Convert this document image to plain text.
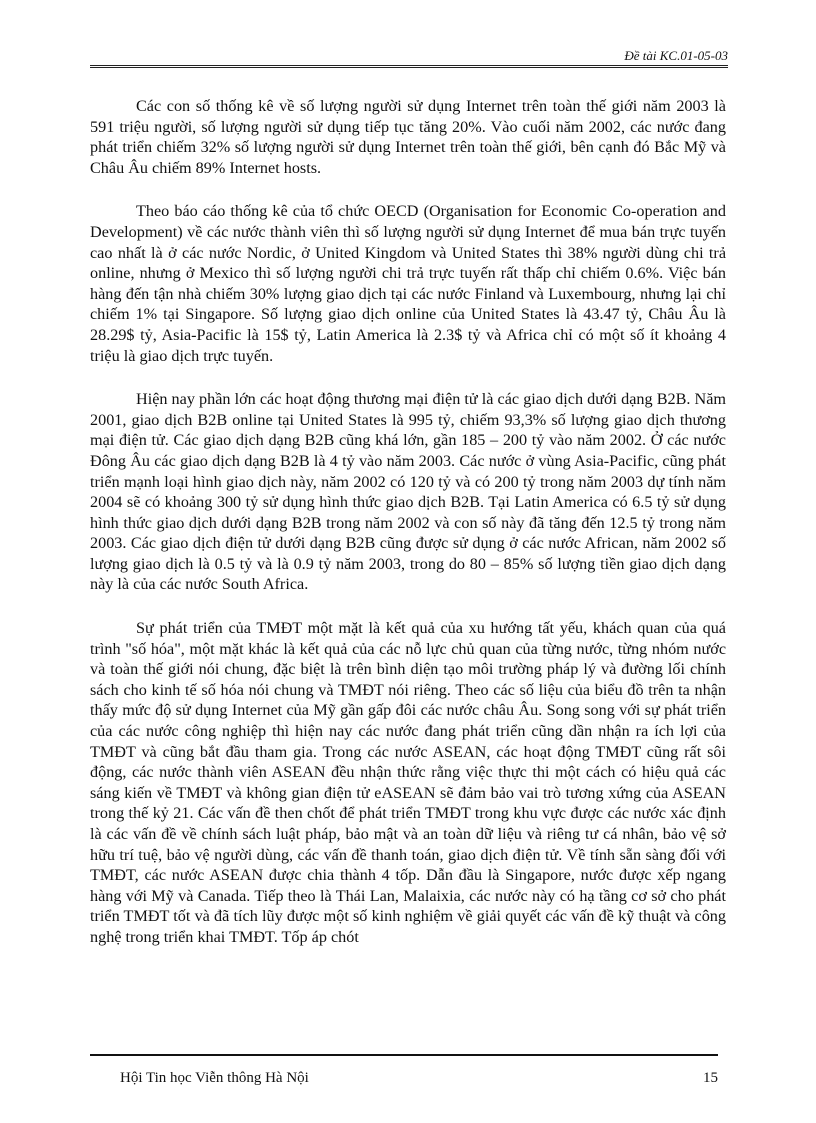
Đề tài KC.01-05-03

Các con số thống kê về số lượng người sử dụng Internet trên toàn thế giới năm 2003 là 591 triệu người, số lượng người sử dụng tiếp tục tăng 20%. Vào cuối năm 2002, các nước đang phát triển chiếm 32% số lượng người sử dụng Internet trên toàn thế giới, bên cạnh đó Bắc Mỹ và Châu Âu chiếm 89% Internet hosts.

Theo báo cáo thống kê của tổ chức OECD (Organisation for Economic Co-operation and Development) về các nước thành viên thì số lượng người sử dụng Internet để mua bán trực tuyến cao nhất là ở các nước Nordic, ở United Kingdom và United States thì 38% người dùng chi trả online, nhưng ở Mexico thì số lượng người chi trả trực tuyến rất thấp chỉ chiếm 0.6%. Việc bán hàng đến tận nhà chiếm 30% lượng giao dịch tại các nước Finland và Luxembourg, nhưng lại chỉ chiếm 1% tại Singapore. Số lượng giao dịch online của United States là 43.47 tỷ, Châu Âu là 28.29$ tỷ, Asia-Pacific là 15$ tỷ, Latin America là 2.3$ tỷ và Africa chỉ có một số ít khoảng 4 triệu là giao dịch trực tuyến.

Hiện nay phần lớn các hoạt động thương mại điện tử là các giao dịch dưới dạng B2B. Năm 2001, giao dịch B2B online tại United States là 995 tỷ, chiếm 93,3% số lượng giao dịch thương mại điện tử. Các giao dịch dạng B2B cũng khá lớn, gần 185 – 200 tỷ vào năm 2002. Ở các nước Đông Âu các giao dịch dạng B2B là 4 tỷ vào năm 2003. Các nước ở vùng Asia-Pacific, cũng phát triển mạnh loại hình giao dịch này, năm 2002 có 120 tỷ và có 200 tỷ trong năm 2003 dự tính năm 2004 sẽ có khoảng 300 tỷ sử dụng hình thức giao dịch B2B. Tại Latin America có 6.5 tỷ sử dụng hình thức giao dịch dưới dạng B2B trong năm 2002 và con số này đã tăng đến 12.5 tỷ trong năm 2003. Các giao dịch điện tử dưới dạng B2B cũng được sử dụng ở các nước African, năm 2002 số lượng giao dịch là 0.5 tỷ và là 0.9 tỷ năm 2003, trong do 80 – 85% số lượng tiền giao dịch dạng này là của các nước South Africa.

Sự phát triển của TMĐT một mặt là kết quả của xu hướng tất yếu, khách quan của quá trình "số hóa", một mặt khác là kết quả của các nỗ lực chủ quan của từng nước, từng nhóm nước và toàn thế giới nói chung, đặc biệt là trên bình diện tạo môi trường pháp lý và đường lối chính sách cho kinh tế số hóa nói chung và TMĐT nói riêng. Theo các số liệu của biểu đồ trên ta nhận thấy mức độ sử dụng Internet của Mỹ gần gấp đôi các nước châu Âu. Song song với sự phát triển của các nước công nghiệp thì hiện nay các nước đang phát triển cũng dần nhận ra ích lợi của TMĐT và cũng bắt đầu tham gia. Trong các nước ASEAN, các hoạt động TMĐT cũng rất sôi động, các nước thành viên ASEAN đều nhận thức rằng việc thực thi một cách có hiệu quả các sáng kiến về TMĐT và không gian điện tử eASEAN sẽ đảm bảo vai trò tương xứng của ASEAN trong thế kỷ 21. Các vấn đề then chốt để phát triển TMĐT trong khu vực được các nước xác định là các vấn đề về chính sách luật pháp, bảo mật và an toàn dữ liệu và riêng tư cá nhân, bảo vệ sở hữu trí tuệ, bảo vệ người dùng, các vấn đề thanh toán, giao dịch điện tử. Về tính sẵn sàng đối với TMĐT, các nước ASEAN được chia thành 4 tốp. Dẫn đầu là Singapore, nước được xếp ngang hàng với Mỹ và Canada. Tiếp theo là Thái Lan, Malaixia, các nước này có hạ tầng cơ sở cho phát triển TMĐT tốt và đã tích lũy được một số kinh nghiệm về giải quyết các vấn đề kỹ thuật và công nghệ trong triển khai TMĐT. Tốp áp chót

Hội Tin học Viễn thông Hà Nội	15
